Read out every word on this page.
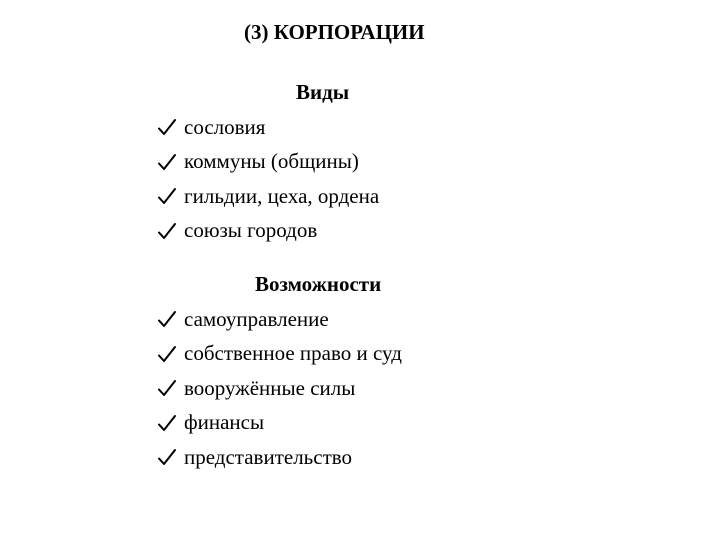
(3) КОРПОРАЦИИ
Виды
сословия
коммуны (общины)
гильдии, цеха, ордена
союзы городов
Возможности
самоуправление
собственное право и суд
вооружённые силы
финансы
представительство
